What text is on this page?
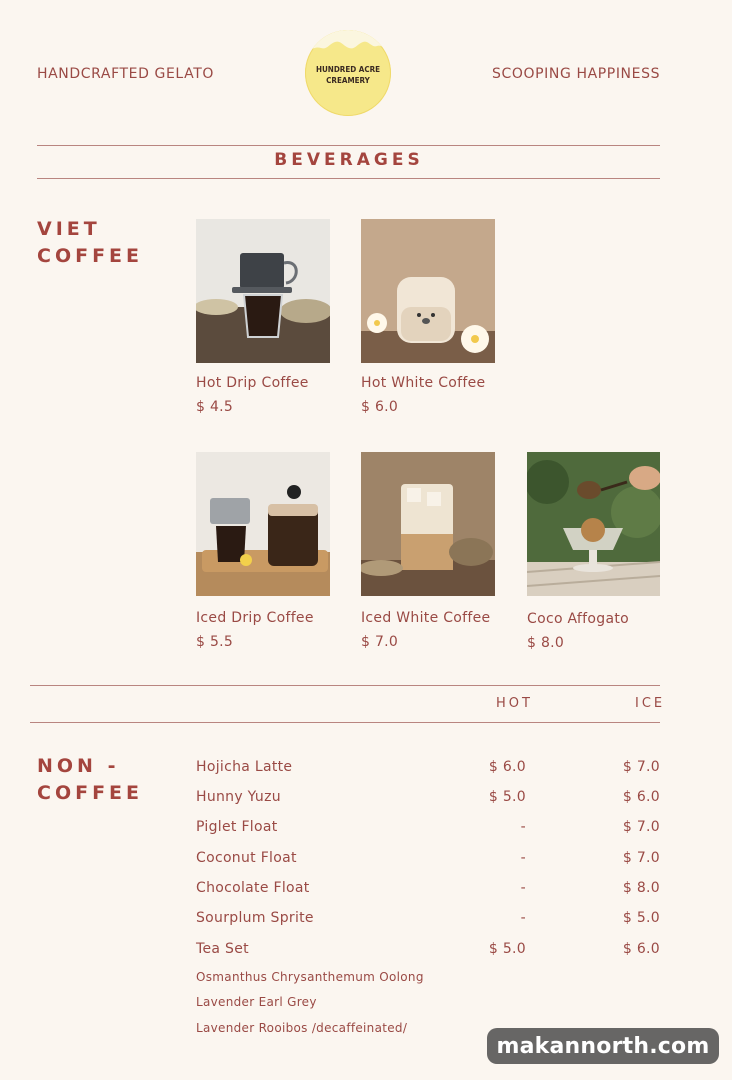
HANDCRAFTED GELATO	SCOOPING HAPPINESS
HUNDRED ACRE
CREAMERY
BEVERAGES
VIET
COFFEE
Hot Drip Coffee
$ 4.5
Hot White Coffee
$ 6.0
Iced Drip Coffee
$ 5.5
Iced White Coffee
$ 7.0
Coco Affogato
$ 8.0
HOT	ICE
NON -
COFFEE
Hojicha Latte	$ 6.0	$ 7.0
Hunny Yuzu	$ 5.0	$ 6.0
Piglet Float	-	$ 7.0
Coconut Float	-	$ 7.0
Chocolate Float	-	$ 8.0
Sourplum Sprite	-	$ 5.0
Tea Set	$ 5.0	$ 6.0
Osmanthus Chrysanthemum Oolong
Lavender Earl Grey
Lavender Rooibos /decaffeinated/
makannorth.com
